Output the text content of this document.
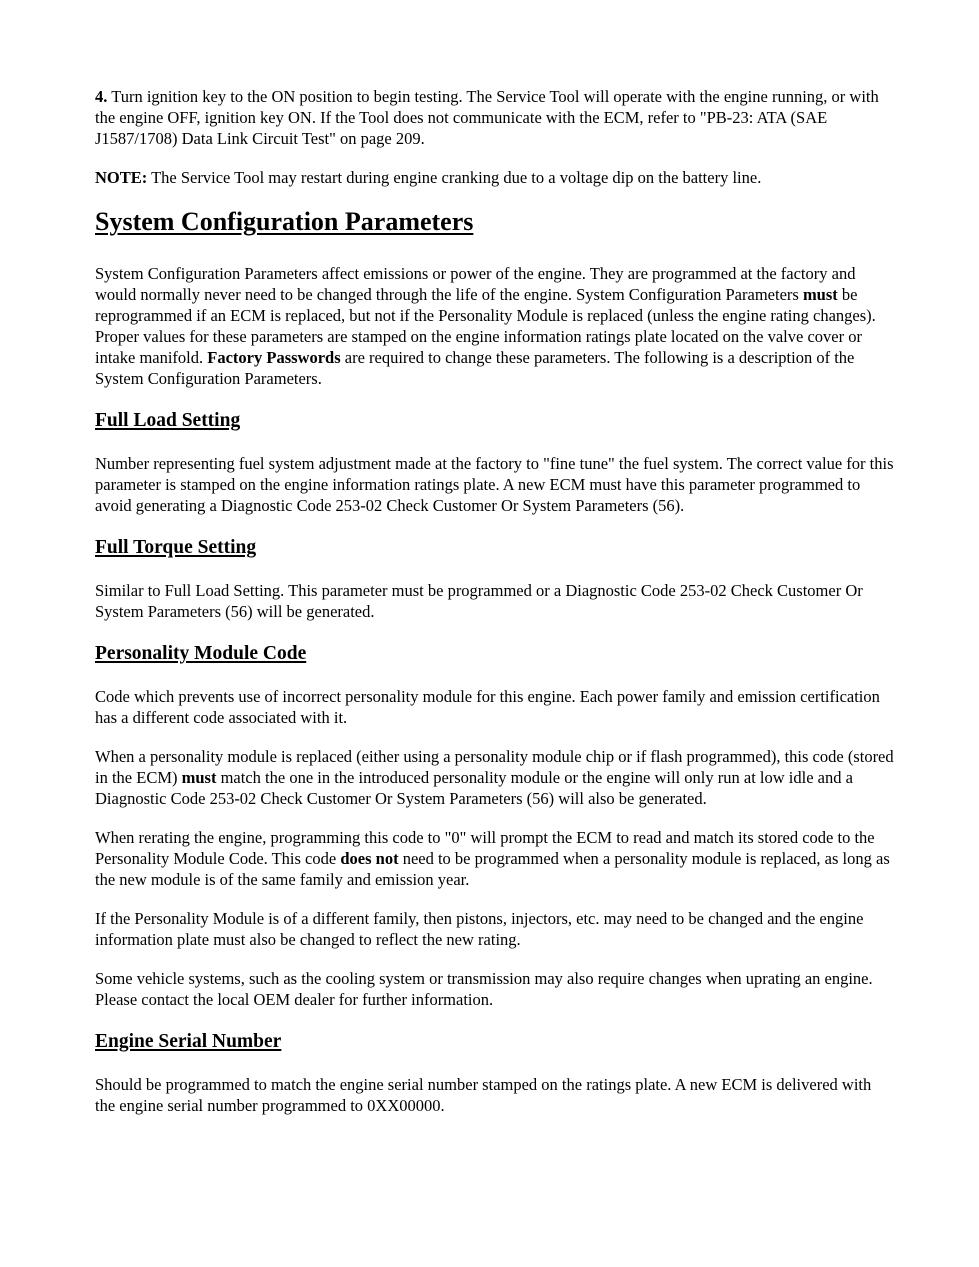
4. Turn ignition key to the ON position to begin testing. The Service Tool will operate with the engine running, or with the engine OFF, ignition key ON. If the Tool does not communicate with the ECM, refer to "PB-23: ATA (SAE J1587/1708) Data Link Circuit Test" on page 209.

NOTE: The Service Tool may restart during engine cranking due to a voltage dip on the battery line.

System Configuration Parameters

System Configuration Parameters affect emissions or power of the engine. They are programmed at the factory and would normally never need to be changed through the life of the engine. System Configuration Parameters must be reprogrammed if an ECM is replaced, but not if the Personality Module is replaced (unless the engine rating changes). Proper values for these parameters are stamped on the engine information ratings plate located on the valve cover or intake manifold. Factory Passwords are required to change these parameters. The following is a description of the System Configuration Parameters.

Full Load Setting

Number representing fuel system adjustment made at the factory to "fine tune" the fuel system. The correct value for this parameter is stamped on the engine information ratings plate. A new ECM must have this parameter programmed to avoid generating a Diagnostic Code 253-02 Check Customer Or System Parameters (56).

Full Torque Setting

Similar to Full Load Setting. This parameter must be programmed or a Diagnostic Code 253-02 Check Customer Or System Parameters (56) will be generated.

Personality Module Code

Code which prevents use of incorrect personality module for this engine. Each power family and emission certification has a different code associated with it.

When a personality module is replaced (either using a personality module chip or if flash programmed), this code (stored in the ECM) must match the one in the introduced personality module or the engine will only run at low idle and a Diagnostic Code 253-02 Check Customer Or System Parameters (56) will also be generated.

When rerating the engine, programming this code to "0" will prompt the ECM to read and match its stored code to the Personality Module Code. This code does not need to be programmed when a personality module is replaced, as long as the new module is of the same family and emission year.

If the Personality Module is of a different family, then pistons, injectors, etc. may need to be changed and the engine information plate must also be changed to reflect the new rating.

Some vehicle systems, such as the cooling system or transmission may also require changes when uprating an engine. Please contact the local OEM dealer for further information.

Engine Serial Number

Should be programmed to match the engine serial number stamped on the ratings plate. A new ECM is delivered with the engine serial number programmed to 0XX00000.
